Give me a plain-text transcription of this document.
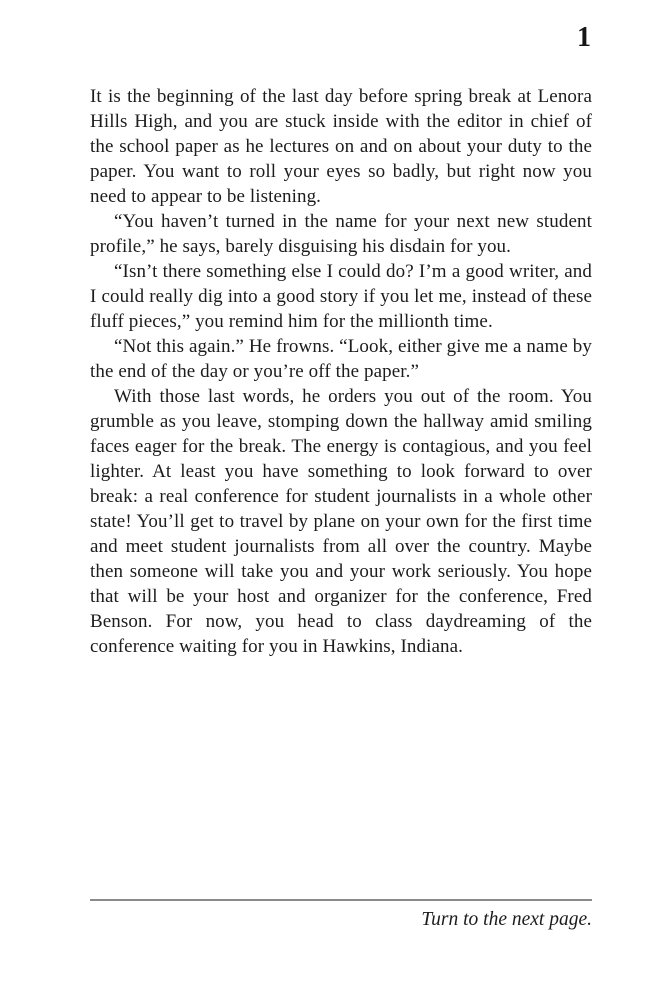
1

It is the beginning of the last day before spring break at Lenora Hills High, and you are stuck inside with the editor in chief of the school paper as he lectures on and on about your duty to the paper. You want to roll your eyes so badly, but right now you need to appear to be listening.

“You haven’t turned in the name for your next new student profile,” he says, barely disguising his disdain for you.

“Isn’t there something else I could do? I’m a good writer, and I could really dig into a good story if you let me, instead of these fluff pieces,” you remind him for the millionth time.

“Not this again.” He frowns. “Look, either give me a name by the end of the day or you’re off the paper.”

With those last words, he orders you out of the room. You grumble as you leave, stomping down the hallway amid smiling faces eager for the break. The energy is contagious, and you feel lighter. At least you have something to look forward to over break: a real conference for student journalists in a whole other state! You’ll get to travel by plane on your own for the first time and meet student journalists from all over the country. Maybe then someone will take you and your work seriously. You hope that will be your host and organizer for the conference, Fred Benson. For now, you head to class daydreaming of the conference waiting for you in Hawkins, Indiana.

Turn to the next page.
